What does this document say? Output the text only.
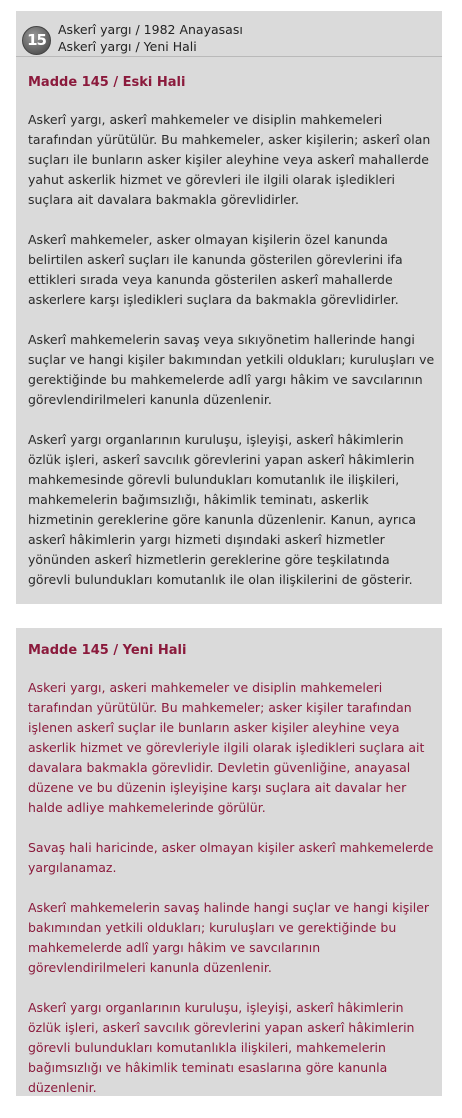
15
Askerî yargı / 1982 Anayasası
Askerî yargı / Yeni Hali
Madde 145 / Eski Hali

Askerî yargı, askerî mahkemeler ve disiplin mahkemeleri tarafından yürütülür. Bu mahkemeler, asker kişilerin; askerî olan suçları ile bunların asker kişiler aleyhine veya askerî mahallerde yahut askerlik hizmet ve görevleri ile ilgili olarak işledikleri suçlara ait davalara bakmakla görevlidirler.

Askerî mahkemeler, asker olmayan kişilerin özel kanunda belirtilen askerî suçları ile kanunda gösterilen görevlerini ifa ettikleri sırada veya kanunda gösterilen askerî mahallerde askerlere karşı işledikleri suçlara da bakmakla görevlidirler.

Askerî mahkemelerin savaş veya sıkıyönetim hallerinde hangi suçlar ve hangi kişiler bakımından yetkili oldukları; kuruluşları ve gerektiğinde bu mahkemelerde adlî yargı hâkim ve savcılarının görevlendirilmeleri kanunla düzenlenir.

Askerî yargı organlarının kuruluşu, işleyişi, askerî hâkimlerin özlük işleri, askerî savcılık görevlerini yapan askerî hâkimlerin mahkemesinde görevli bulundukları komutanlık ile ilişkileri, mahkemelerin bağımsızlığı, hâkimlik teminatı, askerlik hizmetinin gereklerine göre kanunla düzenlenir. Kanun, ayrıca askerî hâkimlerin yargı hizmeti dışındaki askerî hizmetler yönünden askerî hizmetlerin gereklerine göre teşkilatında görevli bulundukları komutanlık ile olan ilişkilerini de gösterir.

Madde 145 / Yeni Hali

Askeri yargı, askeri mahkemeler ve disiplin mahkemeleri tarafından yürütülür. Bu mahkemeler; asker kişiler tarafından işlenen askerî suçlar ile bunların asker kişiler aleyhine veya askerlik hizmet ve görevleriyle ilgili olarak işledikleri suçlara ait davalara bakmakla görevlidir. Devletin güvenliğine, anayasal düzene ve bu düzenin işleyişine karşı suçlara ait davalar her halde adliye mahkemelerinde görülür.

Savaş hali haricinde, asker olmayan kişiler askerî mahkemelerde yargılanamaz.

Askerî mahkemelerin savaş halinde hangi suçlar ve hangi kişiler bakımından yetkili oldukları; kuruluşları ve gerektiğinde bu mahkemelerde adlî yargı hâkim ve savcılarının görevlendirilmeleri kanunla düzenlenir.

Askerî yargı organlarının kuruluşu, işleyişi, askerî hâkimlerin özlük işleri, askerî savcılık görevlerini yapan askerî hâkimlerin görevli bulundukları komutanlıkla ilişkileri, mahkemelerin bağımsızlığı ve hâkimlik teminatı esaslarına göre kanunla düzenlenir.
